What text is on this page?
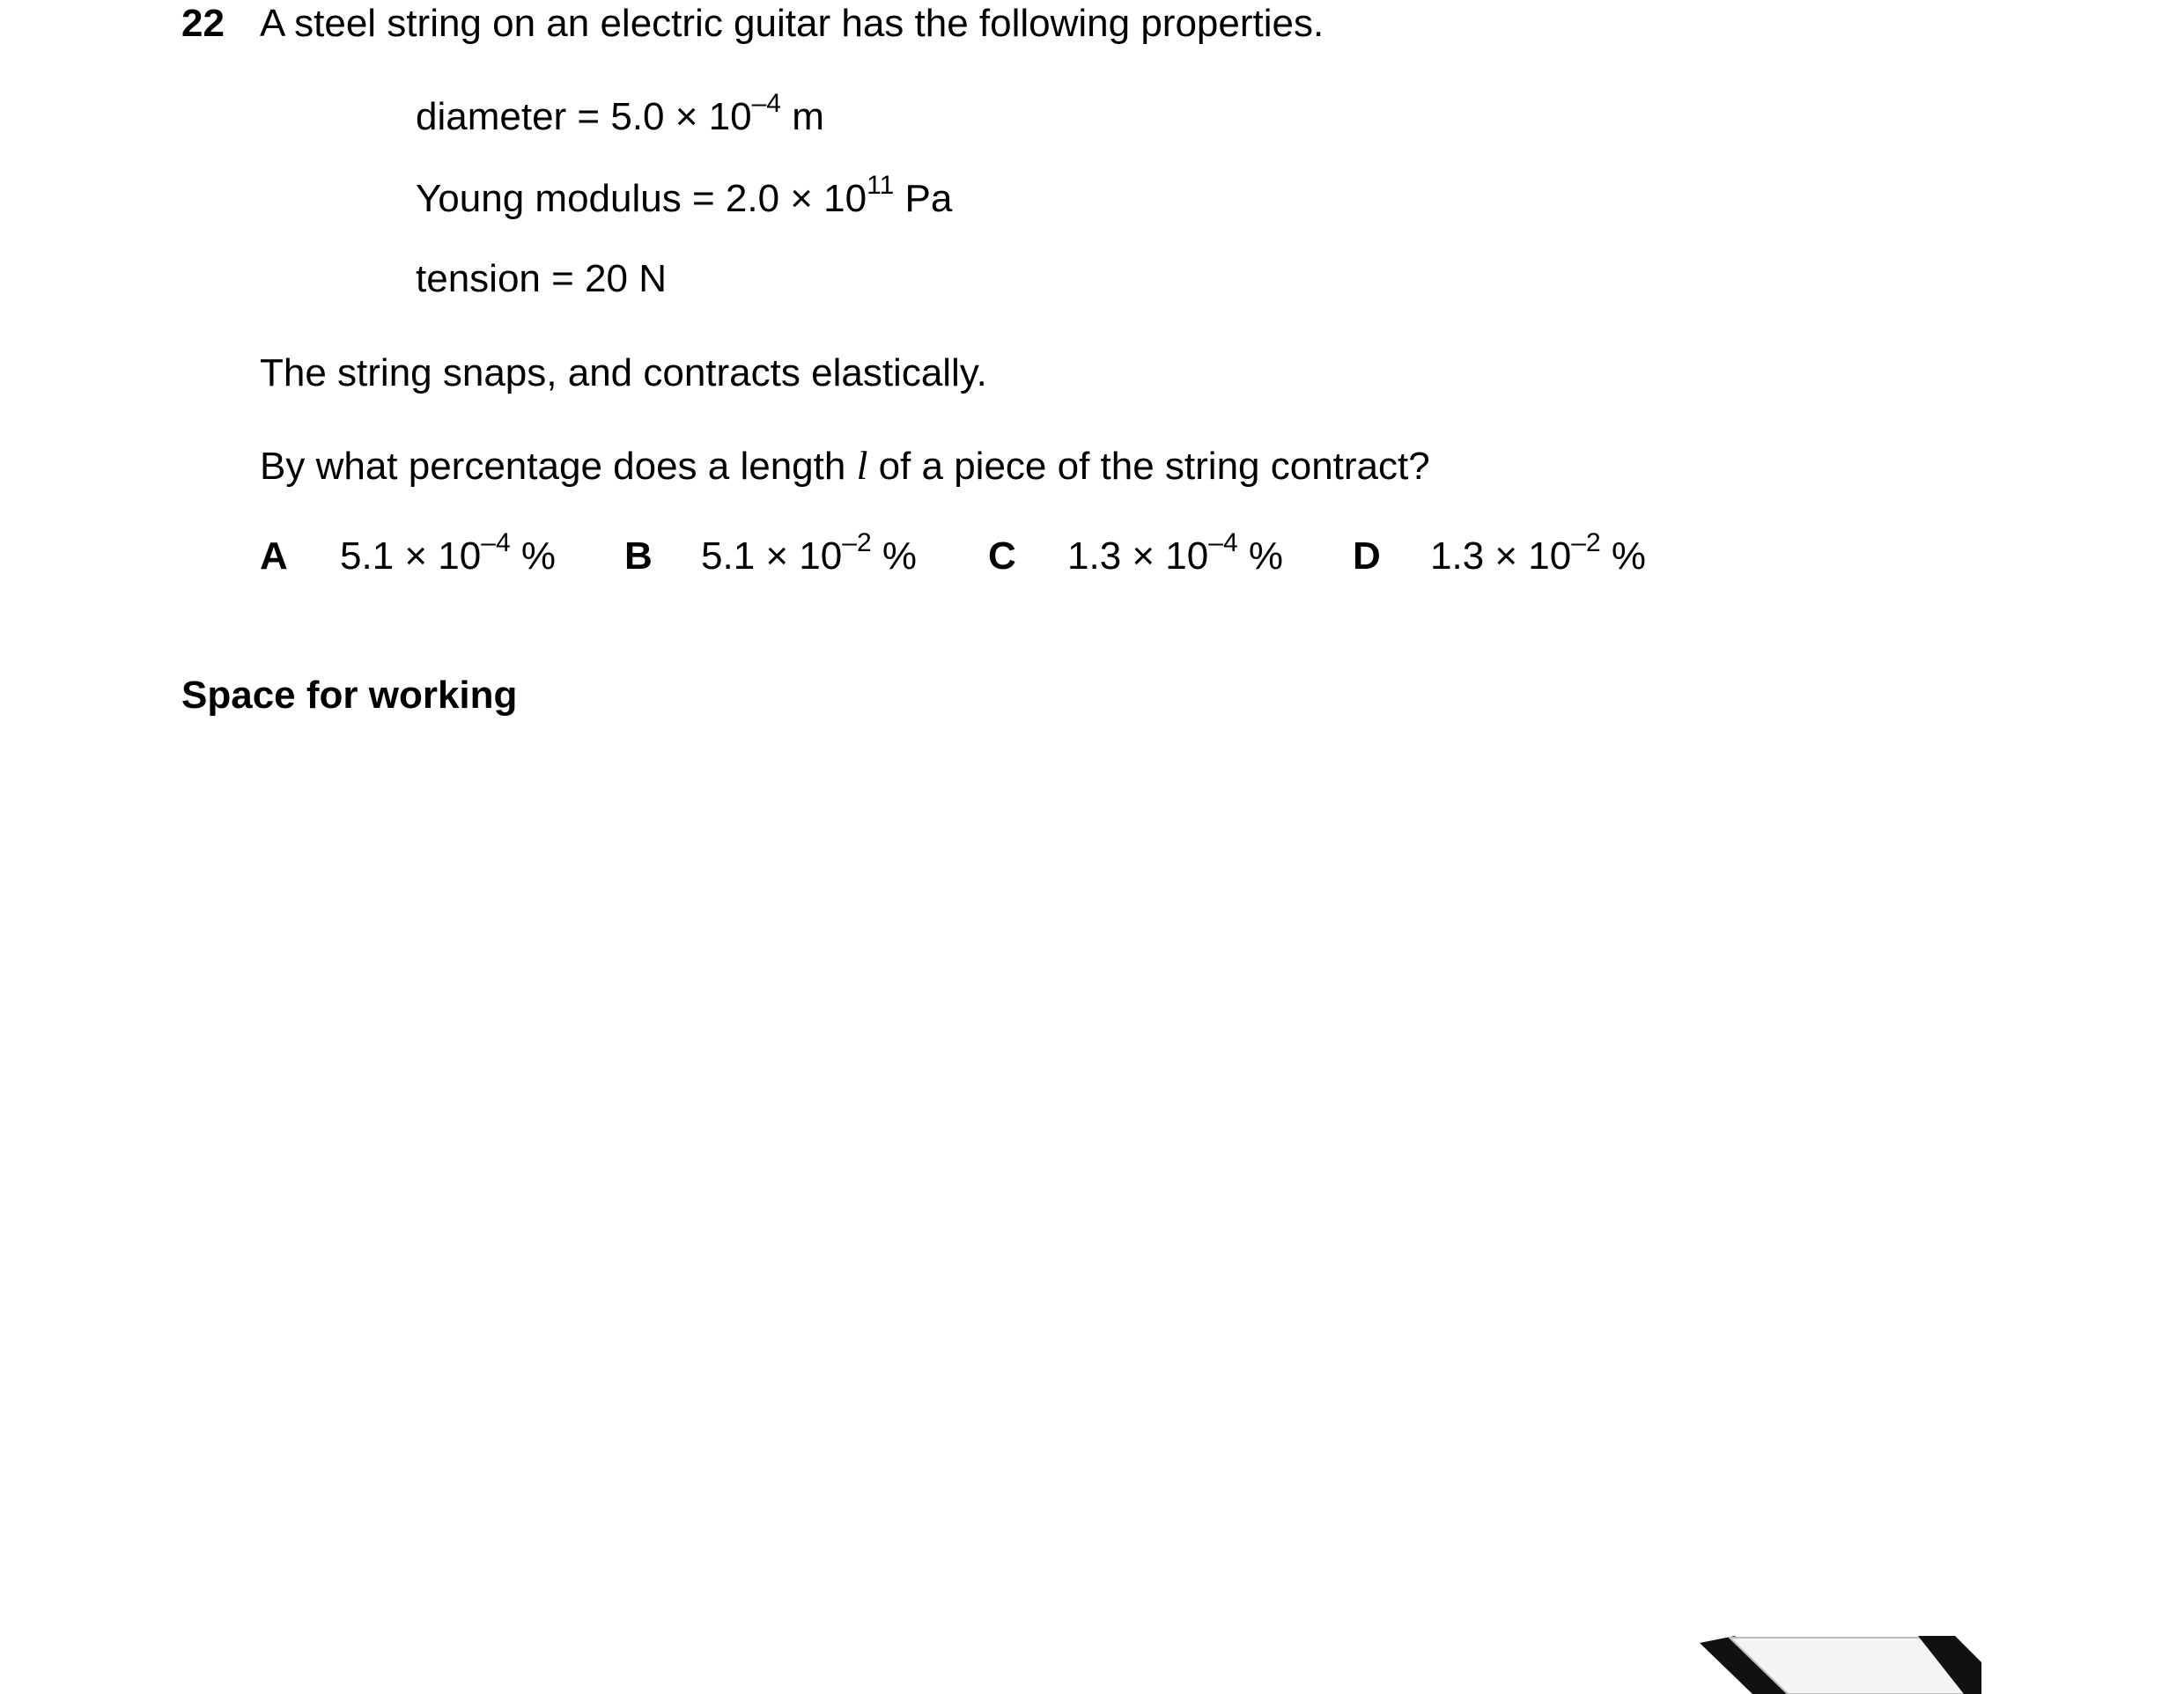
22 A steel string on an electric guitar has the following properties.
diameter = $5.0 \times 10^{-4}$ m
Young modulus = $2.0 \times 10^{11}$ Pa
tension = 20 N
The string snaps, and contracts elastically.
By what percentage does a length l of a piece of the string contract?
A $5.1 \times 10^{-4}$ % B $5.1 \times 10^{-2}$ % C $1.3 \times 10^{-4}$ % D $1.3 \times 10^{-2}$ %
Space for working
